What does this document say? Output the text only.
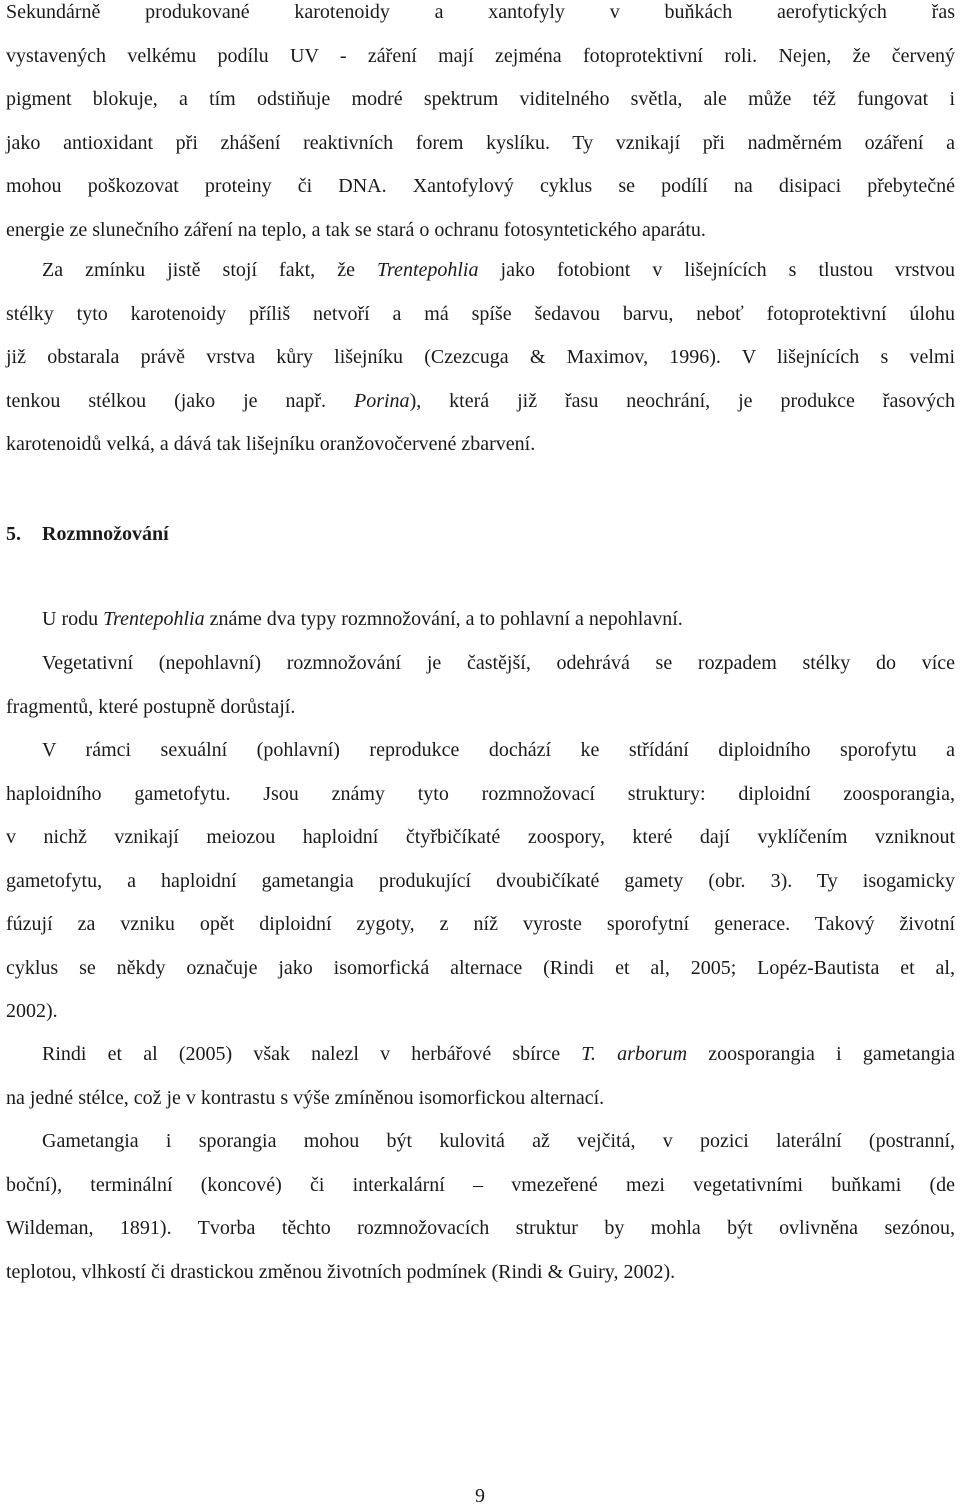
Sekundárně produkované karotenoidy a xantofyly v buňkách aerofytických řas
vystavených velkému podílu UV - záření mají zejména fotoprotektivní roli. Nejen, že červený
pigment blokuje, a tím odstiňuje modré spektrum viditelného světla, ale může též fungovat i
jako antioxidant při zhášení reaktivních forem kyslíku. Ty vznikají při nadměrném ozáření a
mohou poškozovat proteiny či DNA. Xantofylový cyklus se podílí na disipaci přebytečné
energie ze slunečního záření na teplo, a tak se stará o ochranu fotosyntetického aparátu.
Za zmínku jistě stojí fakt, že Trentepohlia jako fotobiont v lišejnících s tlustou vrstvou
stélky tyto karotenoidy příliš netvoří a má spíše šedavou barvu, neboť fotoprotektivní úlohu
již obstarala právě vrstva kůry lišejníku (Czezcuga & Maximov, 1996). V lišejnících s velmi
tenkou stélkou (jako je např. Porina), která již řasu neochrání, je produkce řasových
karotenoidů velká, a dává tak lišejníku oranžovočervené zbarvení.
U rodu Trentepohlia známe dva typy rozmnožování, a to pohlavní a nepohlavní.
Vegetativní (nepohlavní) rozmnožování je častější, odehrává se rozpadem stélky do více
fragmentů, které postupně dorůstají.
V rámci sexuální (pohlavní) reprodukce dochází ke střídání diploidního sporofytu a
haploidního gametofytu. Jsou známy tyto rozmnožovací struktury: diploidní zoosporangia,
v nichž vznikají meiozou haploidní čtyřbičíkaté zoospory, které dají vyklíčením vzniknout
gametofytu, a haploidní gametangia produkující dvoubičíkaté gamety (obr. 3). Ty isogamicky
fúzují za vzniku opět diploidní zygoty, z níž vyroste sporofytní generace. Takový životní
cyklus se někdy označuje jako isomorfická alternace (Rindi et al, 2005; Lopéz-Bautista et al,
2002).
Rindi et al (2005) však nalezl v herbářové sbírce T. arborum zoosporangia i gametangia
na jedné stélce, což je v kontrastu s výše zmíněnou isomorfickou alternací.
Gametangia i sporangia mohou být kulovitá až vejčitá, v pozici laterální (postranní,
boční), terminální (koncové) či interkalární – vmezeřené mezi vegetativními buňkami (de
Wildeman, 1891). Tvorba těchto rozmnožovacích struktur by mohla být ovlivněna sezónou,
teplotou, vlhkostí či drastickou změnou životních podmínek (Rindi & Guiry, 2002).
5. Rozmnožování
9
